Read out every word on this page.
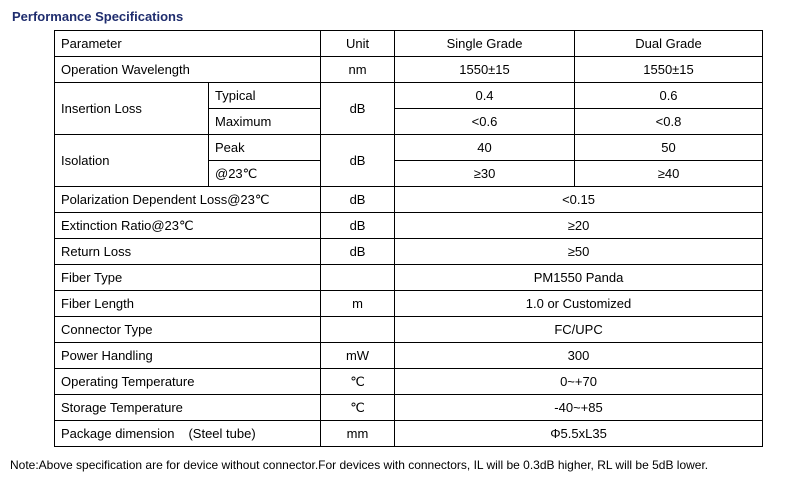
Performance Specifications
Parameter		Unit	Single Grade	Dual Grade
Operation Wavelength		nm	1550±15	1550±15
Insertion Loss	Typical	dB	0.4	0.6
	Maximum		<0.6	<0.8
Isolation	Peak	dB	40	50
	@23℃		≥30	≥40
Polarization Dependent Loss@23℃		dB	<0.15	
Extinction Ratio@23℃		dB	≥20	
Return Loss		dB	≥50	
Fiber Type			PM1550 Panda	
Fiber Length		m	1.0 or Customized	
Connector Type			FC/UPC	
Power Handling		mW	300	
Operating Temperature		℃	0~+70	
Storage Temperature		℃	-40~+85	
Package dimension (Steel tube)		mm	Φ5.5xL35	
Note:Above specification are for device without connector.For devices with connectors, IL will be 0.3dB higher, RL will be 5dB lower.
